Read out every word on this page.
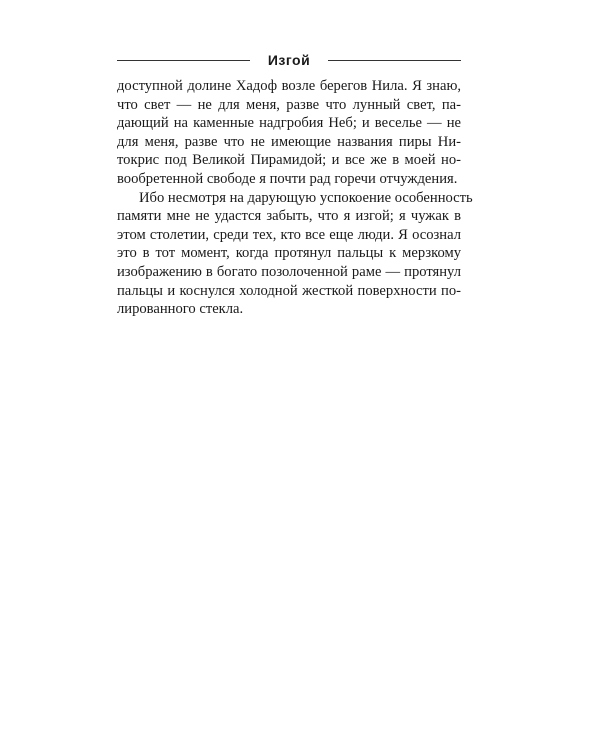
Изгой
доступной долине Хадоф возле берегов Нила. Я знаю,
что свет — не для меня, разве что лунный свет, па-
дающий на каменные надгробия Неб; и веселье — не
для меня, разве что не имеющие названия пиры Ни-
токрис под Великой Пирамидой; и все же в моей но-
вообретенной свободе я почти рад горечи отчуждения.
Ибо несмотря на дарующую успокоение особенность
памяти мне не удастся забыть, что я изгой; я чужак в
этом столетии, среди тех, кто все еще люди. Я осознал
это в тот момент, когда протянул пальцы к мерзкому
изображению в богато позолоченной раме — протянул
пальцы и коснулся холодной жесткой поверхности по-
лированного стекла.
